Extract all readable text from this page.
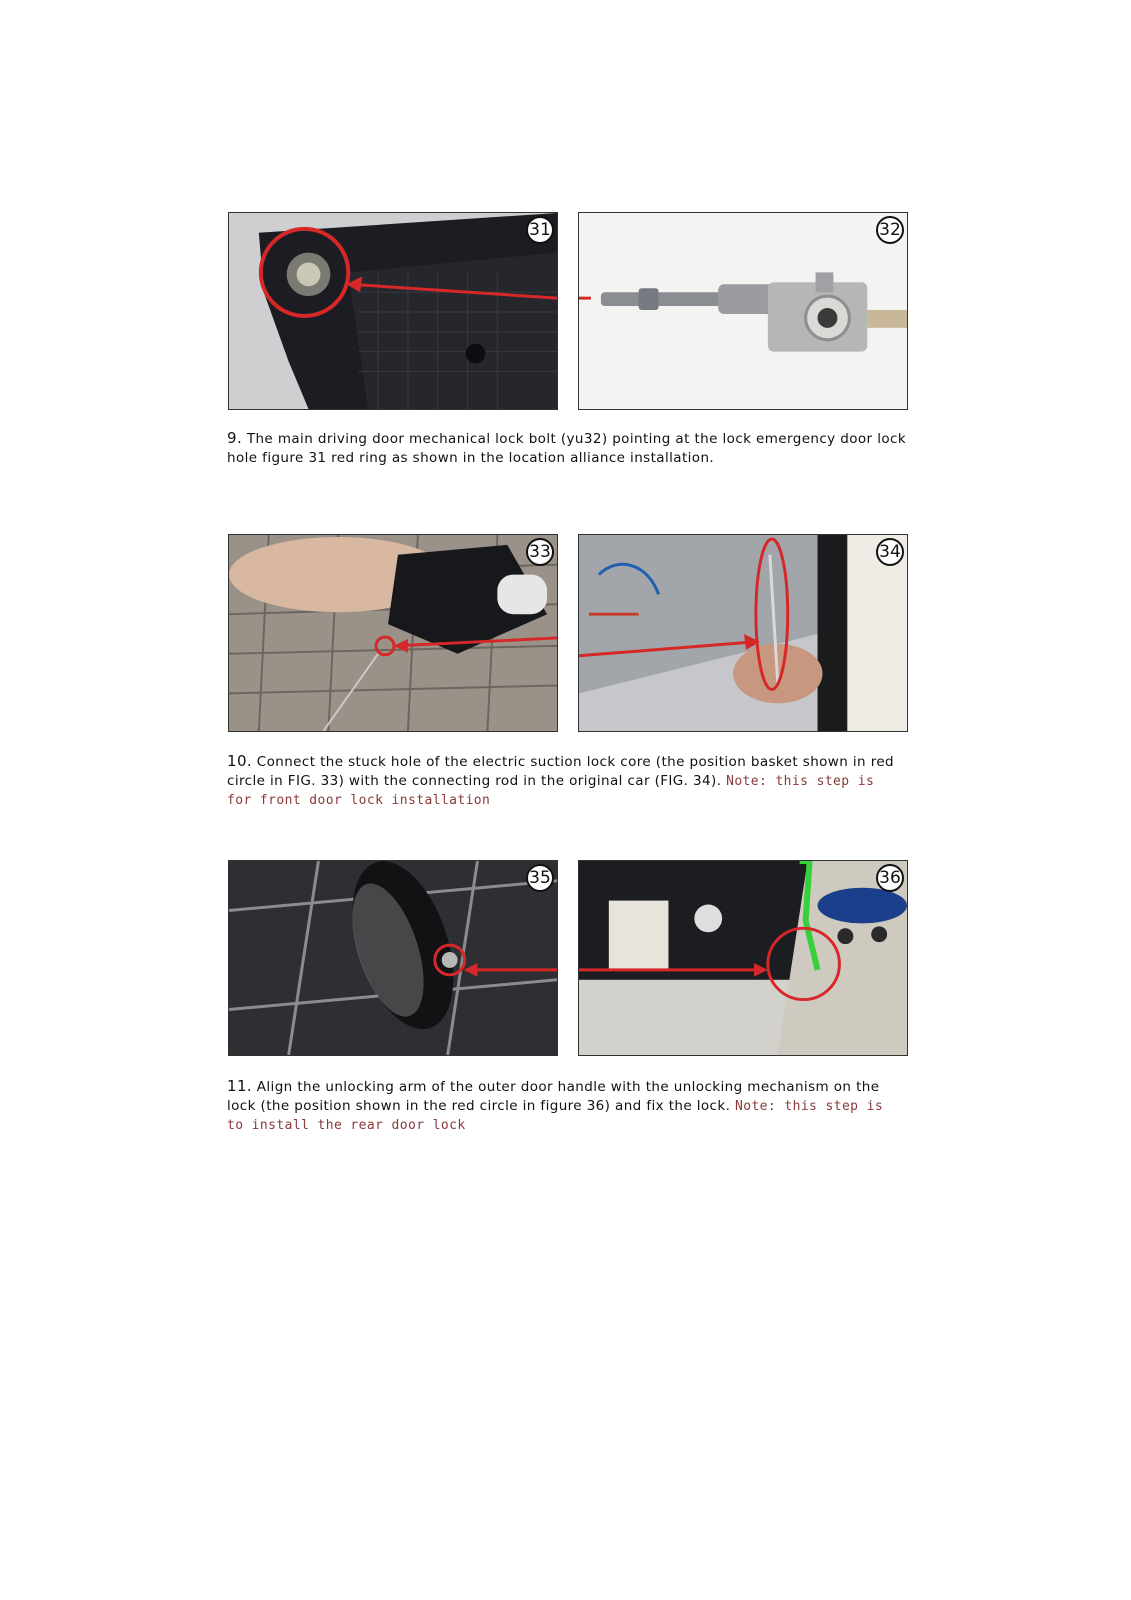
31	32

9. The main driving door mechanical lock bolt (yu32) pointing at the lock emergency door lock hole figure 31 red ring as shown in the location alliance installation.

33	34

10. Connect the stuck hole of the electric suction lock core (the position basket shown in red circle in FIG. 33) with the connecting rod in the original car (FIG. 34). Note: this step is for front door lock installation

35	36

11. Align the unlocking arm of the outer door handle with the unlocking mechanism on the lock (the position shown in the red circle in figure 36) and fix the lock. Note: this step is to install the rear door lock
